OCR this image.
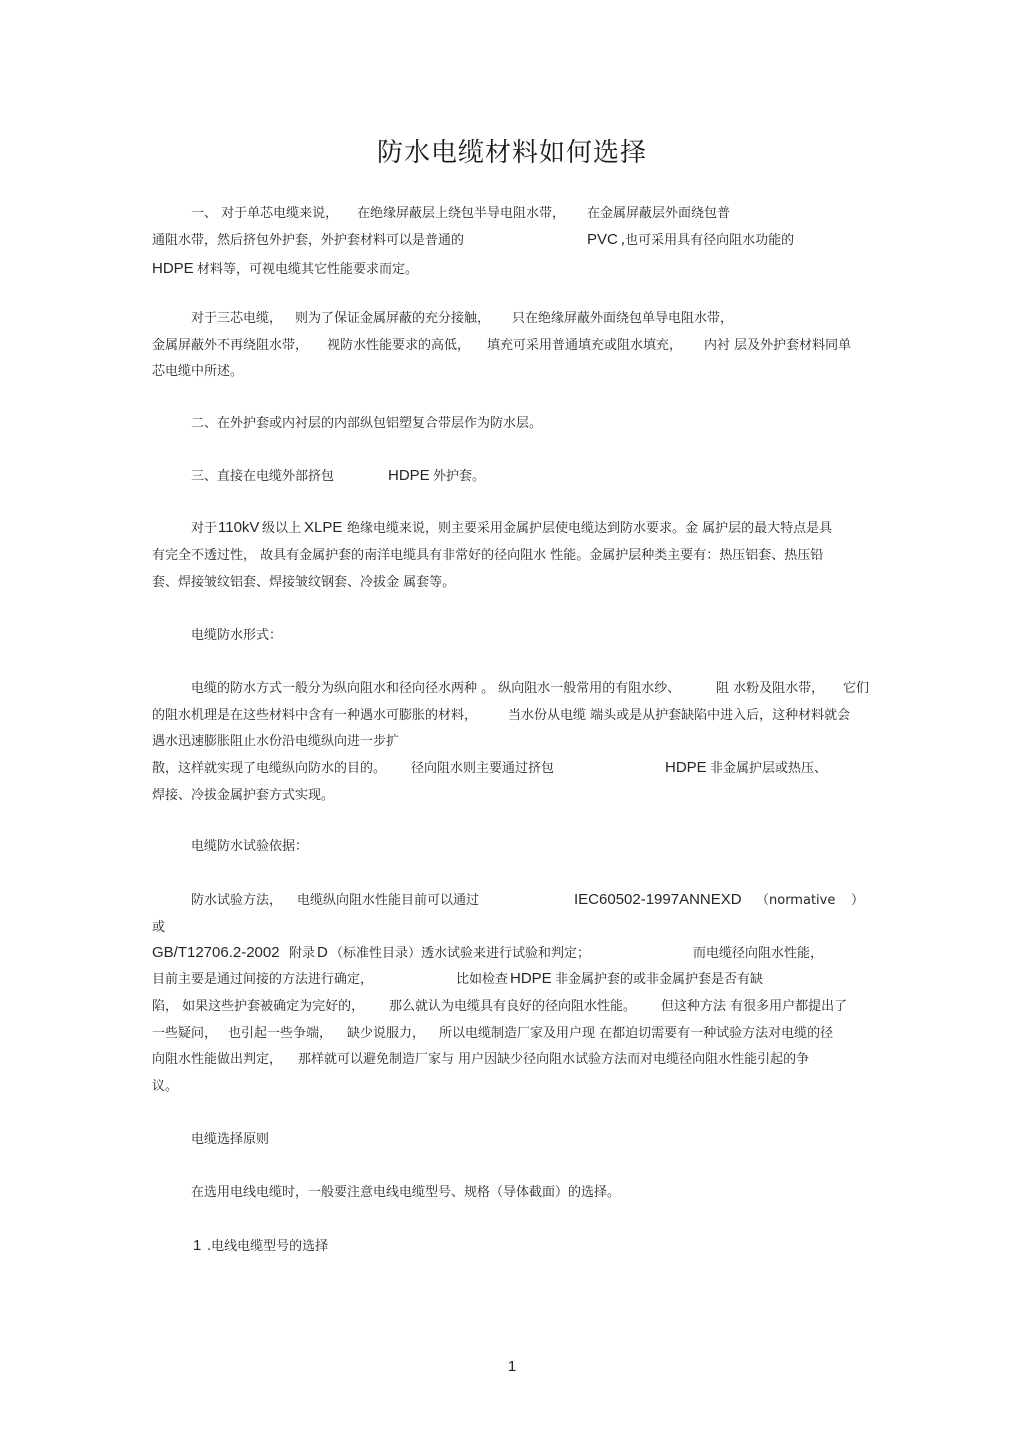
防水电缆材料如何选择
一、 对于单芯电缆来说， 在绝缘屏蔽层上绕包半导电阻水带， 在金属屏蔽层外面绕包普
通阻水带，然后挤包外护套，外护套材料可以是普通的	PVC ,也可采用具有径向阻水功能的
HDPE 材料等，可视电缆其它性能要求而定。
对于三芯电缆， 则为了保证金属屏蔽的充分接触， 只在绝缘屏蔽外面绕包单导电阻水带，
金属屏蔽外不再绕阻水带， 视防水性能要求的高低， 填充可采用普通填充或阻水填充， 内衬 层及外护套材料同单
芯电缆中所述。
二、在外护套或内衬层的内部纵包铝塑复合带层作为防水层。
三、直接在电缆外部挤包	HDPE 外护套。
对于 110kV 级以上 XLPE 绝缘电缆来说，则主要采用金属护层使电缆达到防水要求。金 属护层的最大特点是具
有完全不透过性， 故具有金属护套的南洋电缆具有非常好的径向阻水 性能。金属护层种类主要有：热压铝套、热压铅
套、焊接皱纹铝套、焊接皱纹钢套、冷拔金 属套等。
电缆防水形式：
电缆的防水方式一般分为纵向阻水和径向径水两种 。 纵向阻水一般常用的有阻水纱、	阻 水粉及阻水带， 它们
的阻水机理是在这些材料中含有一种遇水可膨胀的材料， 当水份从电缆 端头或是从护套缺陷中进入后，这种材料就会
遇水迅速膨胀阻止水份沿电缆纵向进一步扩
散，这样就实现了电缆纵向防水的目的。 径向阻水则主要通过挤包	HDPE 非金属护层或热压、
焊接、冷拔金属护套方式实现。
电缆防水试验依据：
防水试验方法， 电缆纵向阻水性能目前可以通过	IEC60502-1997ANNEXD （normative ）
或
GB/T12706.2-2002 附录 D （标准性目录）透水试验来进行试验和判定；	而电缆径向阻水性能，
目前主要是通过间接的方法进行确定，	比如检查 HDPE 非金属护套的或非金属护套是否有缺
陷， 如果这些护套被确定为完好的， 那么就认为电缆具有良好的径向阻水性能。 但这种方法 有很多用户都提出了
一些疑问， 也引起一些争端， 缺少说服力， 所以电缆制造厂家及用户现 在都迫切需要有一种试验方法对电缆的径
向阻水性能做出判定， 那样就可以避免制造厂家与 用户因缺少径向阻水试验方法而对电缆径向阻水性能引起的争
议。
电缆选择原则
在选用电线电缆时，一般要注意电线电缆型号、规格（导体截面）的选择。
1 .电线电缆型号的选择
1
